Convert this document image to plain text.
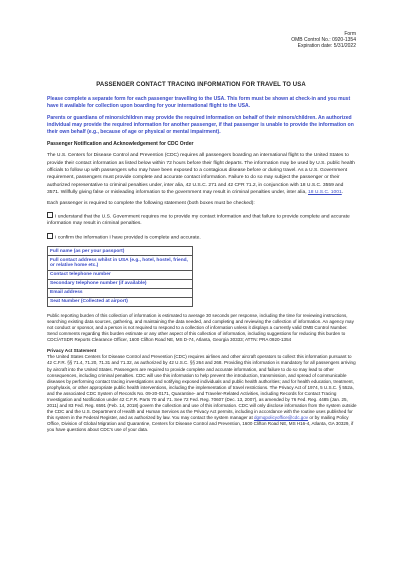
Form
OMB Control No.: 0920-1354
Expiration date: 5/31/2022
PASSENGER CONTACT TRACING INFORMATION FOR TRAVEL TO USA

Please complete a separate form for each passenger travelling to the USA. This form must be shown at check-in and you must have it available for collection upon boarding for your international flight to the USA.

Parents or guardians of minors/children may provide the required information on behalf of their minors/children. An authorized individual may provide the required information for another passenger, if that passenger is unable to provide the information on their own behalf (e.g., because of age or physical or mental impairment).

Passenger Notification and Acknowledgement for CDC Order

The U.S. Centers for Disease Control and Prevention (CDC) requires all passengers boarding an international flight to the United States to provide their contact information as listed below within 72 hours before their flight departs. The information may be used by U.S. public health officials to follow up with passengers who may have been exposed to a contagious disease before or during travel. As a U.S. Government requirement, passengers must provide complete and accurate contact information. Failure to do so may subject the passenger or their authorized representative to criminal penalties under, inter alia, 42 U.S.C. 271 and 42 CFR 71.2, in conjunction with 18 U.S.C. 3559 and 3571. Willfully giving false or misleading information to the government may result in criminal penalties under, inter alia, 18 U.S.C. 1001.

Each passenger is required to complete the following statement (both boxes must be checked):

I understand that the U.S. Government requires me to provide my contact information and that failure to provide complete and accurate information may result in criminal penalties.
I confirm the information I have provided is complete and accurate.
Full name (as per your passport)
Full contact address whilst in USA (e.g., hotel, hostel, friend, or relative home etc.)
Contact telephone number
Secondary telephone number (if available)
Email address
Seat Number (Collected at airport)

Public reporting burden of this collection of information is estimated to average 30 seconds per response, including the time for reviewing instructions, searching existing data sources, gathering, and maintaining the data needed, and completing and reviewing the collection of information. An agency may not conduct or sponsor, and a person is not required to respond to a collection of information unless it displays a currently valid OMB Control Number. Send comments regarding this burden estimate or any other aspect of this collection of information, including suggestions for reducing this burden to CDC/ATSDR Reports Clearance Officer, 1600 Clifton Road NE, MS D-74, Atlanta, Georgia 30333; ATTN: PRA 0920-1354

Privacy Act Statement

The United States Centers for Disease Control and Prevention (CDC) requires airlines and other aircraft operators to collect this information pursuant to 42 C.F.R. §§ 71.4, 71.20, 71.31 and 71.32, as authorized by 42 U.S.C. §§ 264 and 268. Providing this information is mandatory for all passengers arriving by aircraft into the United States. Passengers are required to provide complete and accurate information, and failure to do so may lead to other consequences, including criminal penalties. CDC will use this information to help prevent the introduction, transmission, and spread of communicable diseases by performing contact tracing investigations and notifying exposed individuals and public health authorities; and for health education, treatment, prophylaxis, or other appropriate public health interventions, including the implementation of travel restrictions. The Privacy Act of 1974, 5 U.S.C. § 552a, and the associated CDC System of Records No. 09-20-0171, Quarantine- and Traveler-Related Activities, including Records for Contact Tracing Investigation and Notification under 42 C.F.R. Parts 70 and 71. See 72 Fed. Reg. 70607 (Dec. 13, 2007), as amended by 76 Fed. Reg. 4485 (Jan. 25, 2011) and 83 Fed. Reg. 6591 (Feb. 14, 2018) govern the collection and use of this information. CDC will only disclose information from the system outside the CDC and the U.S. Department of Health and Human Services as the Privacy Act permits, including in accordance with the routine uses published for this system in the Federal Register, and as authorized by law. You may contact the system manager at dgmqpolicyoffice@cdc.gov or by mailing Policy Office, Division of Global Migration and Quarantine, Centers for Disease Control and Prevention, 1600 Clifton Road NE, MS H16-4, Atlanta, GA 30329, if you have questions about CDC's use of your data.
